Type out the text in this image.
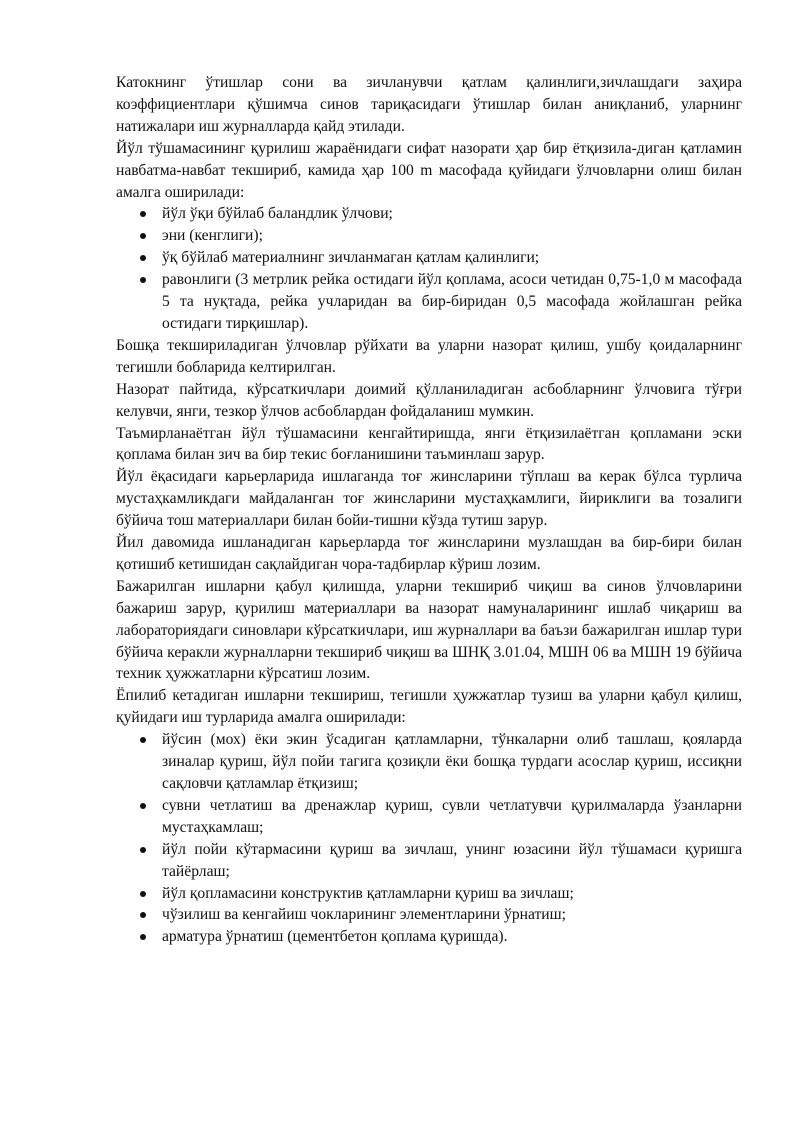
Катокнинг ўтишлар сони ва зичланувчи қатлам қалинлиги,зичлашдаги заҳира коэффициентлари қўшимча синов тариқасидаги ўтишлар билан аниқланиб, уларнинг натижалари иш журналларда қайд этилади.

Йўл тўшамасининг қурилиш жараёнидаги сифат назорати ҳар бир ётқизила-диган қатламин навбатма-навбат текшириб, камида ҳар 100 m масофада қуйидаги ўлчовларни олиш билан амалга оширилади:

йўл ўқи бўйлаб баландлик ўлчови;
эни (кенглиги);
ўқ бўйлаб материалнинг зичланмаган қатлам қалинлиги;
равонлиги (3 метрлик рейка остидаги йўл қоплама, асоси четидан 0,75-1,0 м масофада 5 та нуқтада, рейка учларидан ва бир-биридан 0,5 масофада жойлашган рейка остидаги тирқишлар).

Бошқа текшириладиган ўлчовлар рўйхати ва уларни назорат қилиш, ушбу қоидаларнинг тегишли бобларида келтирилган.

Назорат пайтида, кўрсаткичлари доимий қўлланиладиган асбобларнинг ўлчовига тўғри келувчи, янги, тезкор ўлчов асбоблардан фойдаланиш мумкин.

Таъмирланаётган йўл тўшамасини кенгайтиришда, янги ётқизилаётган қопламани эски қоплама билан зич ва бир текис боғланишини таъминлаш зарур.

Йўл ёқасидаги карьерларида ишлаганда тоғ жинсларини тўплаш ва керак бўлса турлича мустаҳкамликдаги майдаланган тоғ жинсларини мустаҳкамлиги, йириклиги ва тозалиги бўйича тош материаллари билан бойи-тишни кўзда тутиш зарур.

Йил давомида ишланадиган карьерларда тоғ жинсларини музлашдан ва бир-бири билан қотишиб кетишидан сақлайдиган чора-тадбирлар кўриш лозим.

Бажарилган ишларни қабул қилишда, уларни текшириб чиқиш ва синов ўлчовларини бажариш зарур, қурилиш материаллари ва назорат намуналарининг ишлаб чиқариш ва лабораториядаги синовлари кўрсаткичлари, иш журналлари ва баъзи бажарилган ишлар тури бўйича керакли журналларни текшириб чиқиш ва ШНҚ 3.01.04, МШН 06 ва МШН 19 бўйича техник ҳужжатларни кўрсатиш лозим.

Ёпилиб кетадиган ишларни текшириш, тегишли ҳужжатлар тузиш ва уларни қабул қилиш, қуйидаги иш турларида амалга оширилади:

йўсин (мох) ёки экин ўсадиган қатламларни, тўнкаларни олиб ташлаш, қояларда зиналар қуриш, йўл пойи тагига қозиқли ёки бошқа турдаги асослар қуриш, иссиқни сақловчи қатламлар ётқизиш;
сувни четлатиш ва дренажлар қуриш, сувли четлатувчи қурилмаларда ўзанларни мустаҳкамлаш;
йўл пойи кўтармасини қуриш ва зичлаш, унинг юзасини йўл тўшамаси қуришга тайёрлаш;
йўл қопламасини конструктив қатламларни қуриш ва зичлаш;
чўзилиш ва кенгайиш чокларининг элементларини ўрнатиш;
арматура ўрнатиш (цементбетон қоплама қуришда).
